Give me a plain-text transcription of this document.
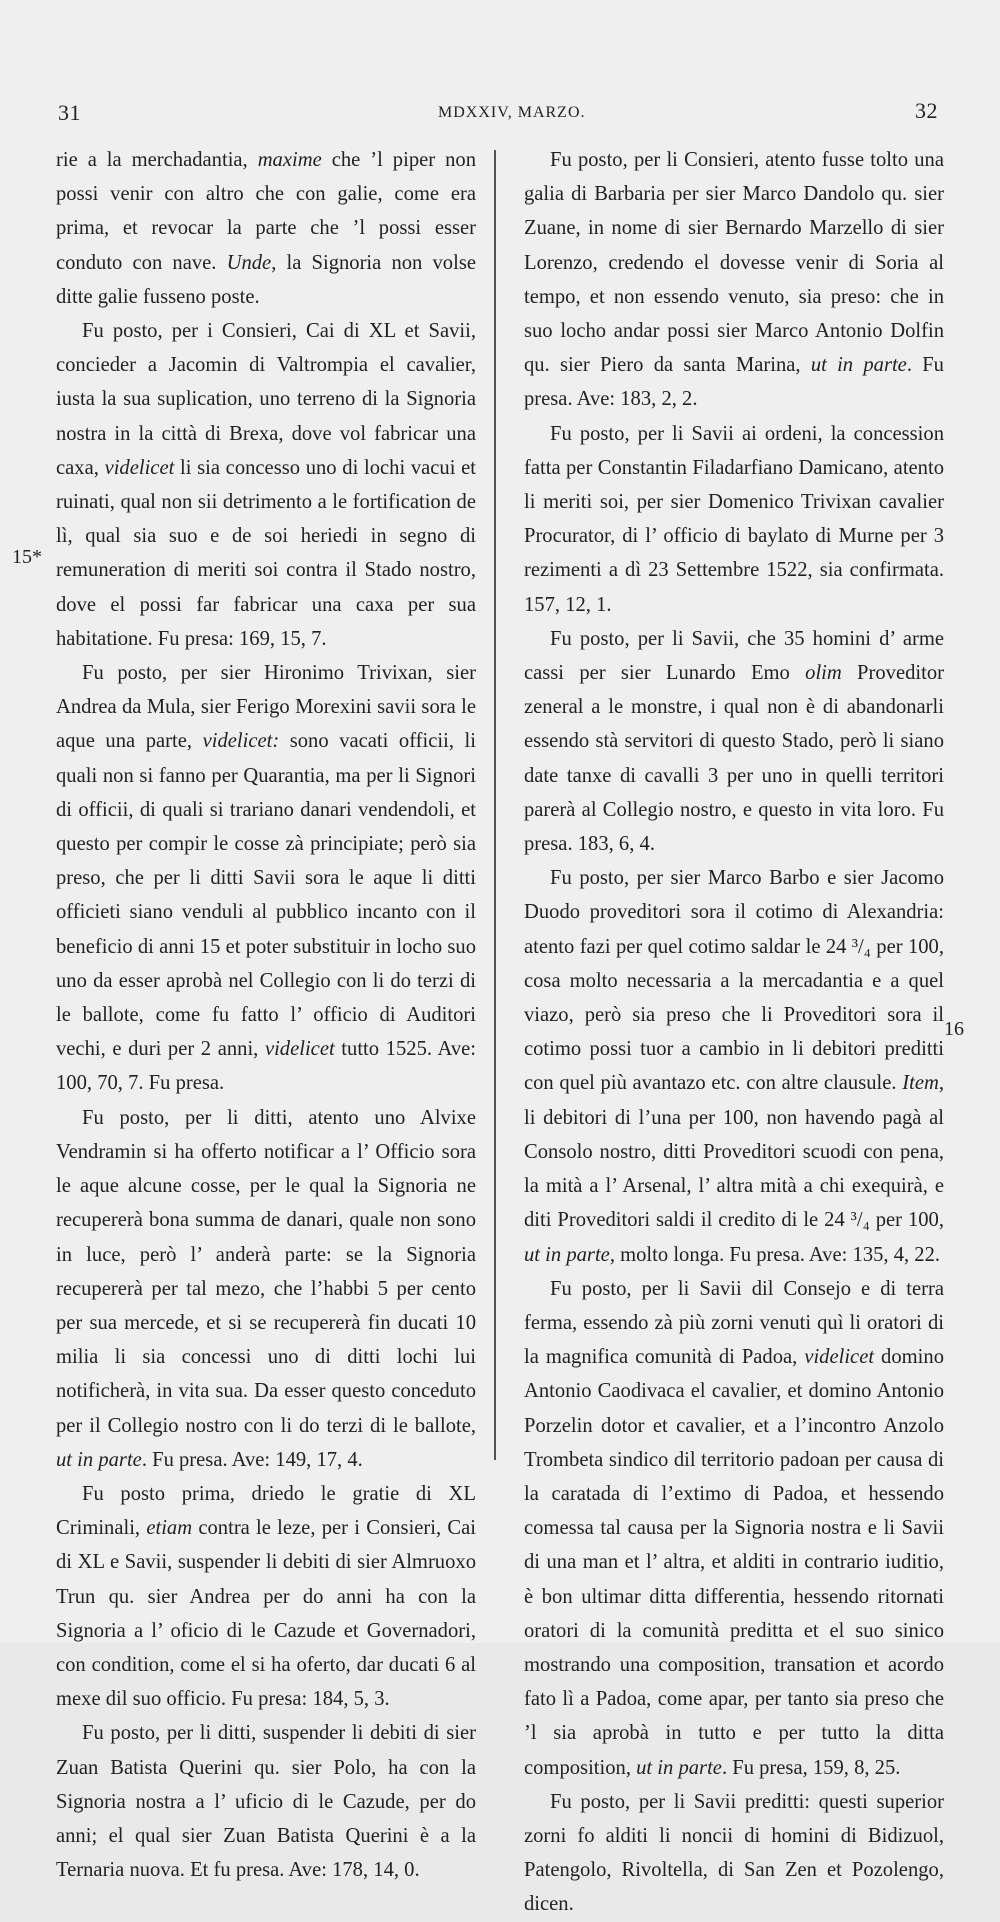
31	MDXXIV, MARZO.	32
15*
16

rie a la merchadantia, maxime che ’l piper non possi venir con altro che con galie, come era prima, et revocar la parte che ’l possi esser conduto con nave. Unde, la Signoria non volse ditte galie fusseno poste.

Fu posto, per i Consieri, Cai di XL et Savii, concieder a Jacomin di Valtrompia el cavalier, iusta la sua suplication, uno terreno di la Signoria nostra in la città di Brexa, dove vol fabricar una caxa, videlicet li sia concesso uno di lochi vacui et ruinati, qual non sii detrimento a le fortification de lì, qual sia suo e de soi heriedi in segno di remuneration di meriti soi contra il Stado nostro, dove el possi far fabricar una caxa per sua habitatione. Fu presa: 169, 15, 7.

Fu posto, per sier Hironimo Trivixan, sier Andrea da Mula, sier Ferigo Morexini savii sora le aque una parte, videlicet: sono vacati officii, li quali non si fanno per Quarantia, ma per li Signori di officii, di quali si trariano danari vendendoli, et questo per compir le cosse zà principiate; però sia preso, che per li ditti Savii sora le aque li ditti officieti siano venduli al pubblico incanto con il beneficio di anni 15 et poter substituir in locho suo uno da esser aprobà nel Collegio con li do terzi di le ballote, come fu fatto l’ officio di Auditori vechi, e duri per 2 anni, videlicet tutto 1525. Ave: 100, 70, 7. Fu presa.

Fu posto, per li ditti, atento uno Alvixe Vendramin si ha offerto notificar a l’ Officio sora le aque alcune cosse, per le qual la Signoria ne recupererà bona summa de danari, quale non sono in luce, però l’ anderà parte: se la Signoria recupererà per tal mezo, che l’habbi 5 per cento per sua mercede, et si se recupererà fin ducati 10 milia li sia concessi uno di ditti lochi lui notificherà, in vita sua. Da esser questo conceduto per il Collegio nostro con li do terzi di le ballote, ut in parte. Fu presa. Ave: 149, 17, 4.

Fu posto prima, driedo le gratie di XL Criminali, etiam contra le leze, per i Consieri, Cai di XL e Savii, suspender li debiti di sier Almruoxo Trun qu. sier Andrea per do anni ha con la Signoria a l’ oficio di le Cazude et Governadori, con condition, come el si ha oferto, dar ducati 6 al mexe dil suo officio. Fu presa: 184, 5, 3.

Fu posto, per li ditti, suspender li debiti di sier Zuan Batista Querini qu. sier Polo, ha con la Signoria nostra a l’ uficio di le Cazude, per do anni; el qual sier Zuan Batista Querini è a la Ternaria nuova. Et fu presa. Ave: 178, 14, 0.

Fu posto, per li Consieri, atento fusse tolto una galia di Barbaria per sier Marco Dandolo qu. sier Zuane, in nome di sier Bernardo Marzello di sier Lorenzo, credendo el dovesse venir di Soria al tempo, et non essendo venuto, sia preso: che in suo locho andar possi sier Marco Antonio Dolfin qu. sier Piero da santa Marina, ut in parte. Fu presa. Ave: 183, 2, 2.

Fu posto, per li Savii ai ordeni, la concession fatta per Constantin Filadarfiano Damicano, atento li meriti soi, per sier Domenico Trivixan cavalier Procurator, di l’ officio di baylato di Murne per 3 rezimenti a dì 23 Settembre 1522, sia confirmata. 157, 12, 1.

Fu posto, per li Savii, che 35 homini d’ arme cassi per sier Lunardo Emo olim Proveditor zeneral a le monstre, i qual non è di abandonarli essendo stà servitori di questo Stado, però li siano date tanxe di cavalli 3 per uno in quelli territori parerà al Collegio nostro, e questo in vita loro. Fu presa. 183, 6, 4.

Fu posto, per sier Marco Barbo e sier Jacomo Duodo proveditori sora il cotimo di Alexandria: atento fazi per quel cotimo saldar le 24 ³/₄ per 100, cosa molto necessaria a la mercadantia e a quel viazo, però sia preso che li Proveditori sora il cotimo possi tuor a cambio in li debitori preditti con quel più avantazo etc. con altre clausule. Item, li debitori di l’una per 100, non havendo pagà al Consolo nostro, ditti Proveditori scuodi con pena, la mità a l’ Arsenal, l’ altra mità a chi exequirà, e diti Proveditori saldi il credito di le 24 ³/₄ per 100, ut in parte, molto longa. Fu presa. Ave: 135, 4, 22.

Fu posto, per li Savii dil Consejo e di terra ferma, essendo zà più zorni venuti quì li oratori di la magnifica comunità di Padoa, videlicet domino Antonio Caodivaca el cavalier, et domino Antonio Porzelin dotor et cavalier, et a l’incontro Anzolo Trombeta sindico dil territorio padoan per causa di la caratada di l’extimo di Padoa, et hessendo comessa tal causa per la Signoria nostra e li Savii di una man et l’ altra, et alditi in contrario iuditio, è bon ultimar ditta differentia, hessendo ritornati oratori di la comunità preditta et el suo sinico mostrando una composition, transation et acordo fato lì a Padoa, come apar, per tanto sia preso che ’l sia aprobà in tutto e per tutto la ditta composition, ut in parte. Fu presa, 159, 8, 25.

Fu posto, per li Savii preditti: questi superior zorni fo alditi li noncii di homini di Bidizuol, Patengolo, Rivoltella, di San Zen et Pozolengo, dicen.
